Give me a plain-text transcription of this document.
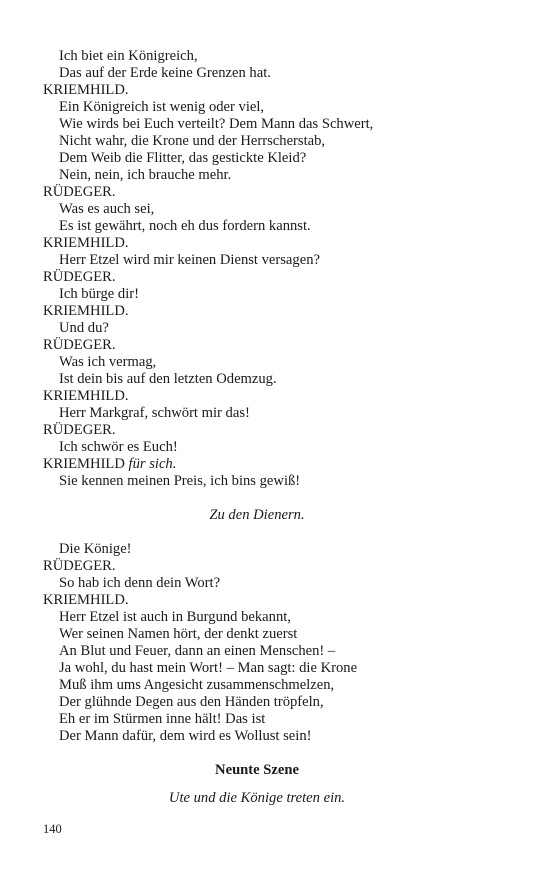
Ich biet ein Königreich,
Das auf der Erde keine Grenzen hat.
KRIEMHILD.
Ein Königreich ist wenig oder viel,
Wie wirds bei Euch verteilt? Dem Mann das Schwert,
Nicht wahr, die Krone und der Herrscherstab,
Dem Weib die Flitter, das gestickte Kleid?
Nein, nein, ich brauche mehr.
RÜDEGER.
Was es auch sei,
Es ist gewährt, noch eh dus fordern kannst.
KRIEMHILD.
Herr Etzel wird mir keinen Dienst versagen?
RÜDEGER.
Ich bürge dir!
KRIEMHILD.
Und du?
RÜDEGER.
Was ich vermag,
Ist dein bis auf den letzten Odemzug.
KRIEMHILD.
Herr Markgraf, schwört mir das!
RÜDEGER.
Ich schwör es Euch!
KRIEMHILD für sich.
Sie kennen meinen Preis, ich bins gewiß!
Zu den Dienern.
Die Könige!
RÜDEGER.
So hab ich denn dein Wort?
KRIEMHILD.
Herr Etzel ist auch in Burgund bekannt,
Wer seinen Namen hört, der denkt zuerst
An Blut und Feuer, dann an einen Menschen! –
Ja wohl, du hast mein Wort! – Man sagt: die Krone
Muß ihm ums Angesicht zusammenschmelzen,
Der glühnde Degen aus den Händen tröpfeln,
Eh er im Stürmen inne hält! Das ist
Der Mann dafür, dem wird es Wollust sein!
Neunte Szene
Ute und die Könige treten ein.
140
